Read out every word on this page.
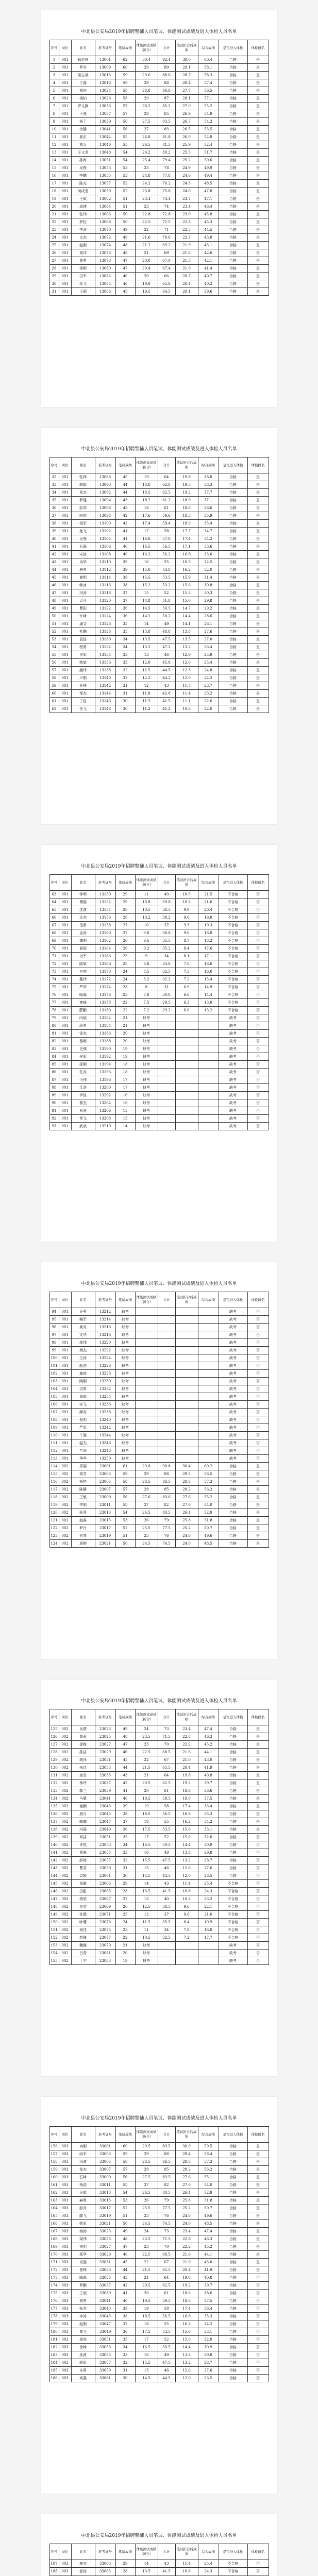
中北县公安局2019年招聘警辅人员笔试、体能测试成绩及进入体检人员名单
序号	岗位	姓名	准考证号	笔试成绩	体能测试成绩（折合）	合计	笔试折合后成绩	综合成绩	是否进入体检	体检排名
1	001	杨志强	13001	62	30.4	92.4	30.0	60.4	合格	是
2	001	罗兵	13009	60	29	89	29.1	58.1	合格	是
3	001	梁志斌	13013	59	29.6	88.6	28.7	58.3	合格	是
4	001	王磊	13016	59	29	88	28.4	57.4	合格	是
5	001	刘庆	13024	58	28.8	86.8	27.7	56.5	合格	是
6	001	杨柏	13026	58	29	87	28.1	57.1	合格	是
7	001	罗文渊	13033	57	28.2	85.2	27.0	55.2	合格	是
8	001	王强	13037	57	28	85	26.9	54.9	合格	是
9	001	杨丁	13039	56	27.5	83.5	26.7	54.2	合格	是
10	001	余静	13041	56	27	83	26.5	53.5	合格	是
11	001	夏东	13044	55	26.8	81.8	26.0	52.8	合格	是
12	001	刘兵	13046	55	26.5	81.5	25.9	52.4	合格	是
13	001	王文龙	13048	54	26.2	80.2	25.5	51.7	合格	是
14	001	孙海	13051	54	25.4	79.4	25.2	50.6	合格	是
15	001	吴俊	13053	53	25	78	24.9	49.9	合格	是
16	001	李鹏	13055	53	24.8	77.8	24.6	49.4	合格	是
17	001	陈光	13057	52	24.2	76.2	24.3	48.5	合格	是
18	001	何成龙	13059	52	23.8	75.8	24.0	47.8	合格	是
19	001	王斌	13062	51	23.4	74.4	23.7	47.1	合格	是
20	001	周建	13064	51	23	74	23.4	46.4	合格	是
21	001	张伟	13066	50	22.8	72.8	23.0	45.8	合格	是
22	001	罗松	13068	50	22.5	72.5	22.8	45.3	合格	是
23	001	李涛	13070	49	22	71	22.5	44.5	合格	是
24	001	文杰	13072	49	21.6	70.6	22.2	43.8	合格	是
25	001	赵刚	13074	48	21.2	69.2	21.9	43.1	合格	是
26	001	刘洋	13076	48	21	69	21.6	42.6	合格	是
27	001	黄勇	13078	47	20.8	67.8	21.3	42.1	合格	是
28	001	杨明	13080	47	20.4	67.4	21.0	41.4	合格	是
29	001	田军	13082	46	20	66	20.7	40.7	合格	是
30	001	蒋飞	13084	46	19.8	65.8	20.4	40.2	合格	是
31	001	王超	13086	45	19.5	64.5	20.1	39.6	合格	是
中北县公安局2019年招聘警辅人员笔试、体能测试成绩及进入体检人员名单
序号	岗位	姓名	准考证号	笔试成绩	体能测试成绩（折合）	合计	笔试折合后成绩	综合成绩	是否进入体检	体检排名
32	001	张林	13088	45	19	64	19.8	38.8	合格	是
33	001	胡斌	13090	44	18.8	62.8	19.5	38.3	合格	是
34	001	邓杰	13092	44	18.5	62.5	19.2	37.7	合格	是
35	001	罗建	13094	43	18.2	61.2	18.9	37.1	合格	是
36	001	彭亮	13096	43	18	61	18.6	36.6	合格	是
37	001	向东	13098	42	17.6	59.6	18.3	35.9	合格	是
38	001	杨军	13100	42	17.4	59.4	18.0	35.4	合格	是
39	001	龙飞	13102	41	17	58	17.7	34.7	合格	是
40	001	吴强	13104	41	16.8	57.8	17.4	34.2	合格	是
41	001	石磊	13106	40	16.5	56.5	17.1	33.6	合格	是
42	001	宋波	13108	40	16.2	56.2	16.8	33.0	合格	是
43	001	冉华	13110	39	16	55	16.5	32.5	合格	是
44	001	唐勇	13112	39	15.8	54.8	16.2	32.0	合格	是
45	001	谢明	13114	38	15.5	53.5	15.9	31.4	合格	是
46	001	韩冰	13116	38	15.2	53.2	15.6	30.8	合格	是
47	001	冯涛	13118	37	15	52	15.3	30.3	合格	是
48	001	孟凡	13120	37	14.8	51.8	15.0	29.8	合格	是
49	001	曹阳	13122	36	14.5	50.5	14.7	29.2	合格	是
50	001	许峰	13124	36	14.2	50.2	14.4	28.6	合格	是
51	001	潘文	13126	35	14	49	14.1	28.1	合格	是
52	001	杜鹏	13128	35	13.8	48.8	13.8	27.6	合格	是
53	001	袁浩	13130	34	13.5	47.5	13.5	27.0	合格	是
54	001	程勇	13132	34	13.2	47.2	13.2	26.4	合格	是
55	001	贺军	13134	33	13	46	12.9	25.9	合格	是
56	001	姚斌	13136	33	12.8	45.8	12.6	25.4	合格	是
57	001	熊伟	13138	32	12.5	44.5	12.3	24.8	合格	是
58	001	卢刚	13140	32	12.2	44.2	12.0	24.2	合格	是
59	001	蔡林	13142	31	12	43	11.7	23.7	合格	是
60	001	邹杰	13144	31	11.8	42.8	11.4	23.2	合格	是
61	001	丁浩	13146	30	11.5	41.5	11.1	22.6	合格	是
62	001	任飞	13148	30	11.2	41.2	10.8	22.0	合格	是
中北县公安局2019年招聘警辅人员笔试、体能测试成绩及进入体检人员名单
序号	岗位	姓名	准考证号	笔试成绩	体能测试成绩（折合）	合计	笔试折合后成绩	综合成绩	是否进入体检	体检排名
63	001	钟明	13150	29	11	40	10.5	21.5	不合格	否
64	001	傅强	13152	29	10.8	39.8	10.2	21.0	不合格	否
65	001	沈波	13154	28	10.5	38.5	9.9	20.4	不合格	否
66	001	汪杰	13156	28	10.2	38.2	9.6	19.8	不合格	否
67	001	范勇	13158	27	10	37	9.3	19.3	不合格	否
68	001	金涛	13160	27	9.8	36.8	9.0	18.8	不合格	否
69	001	魏刚	13162	26	9.5	35.5	8.7	18.2	不合格	否
70	001	夏雨	13164	26	9.2	35.2	8.4	17.6	不合格	否
71	001	付军	13166	25	9	34	8.1	17.1	不合格	否
72	001	陆斌	13168	25	8.8	33.8	7.8	16.6	不合格	否
73	001	方亮	13170	24	8.5	32.5	7.5	16.0	不合格	否
74	001	戴伟	13172	24	8.2	32.2	7.2	15.4	不合格	否
75	001	严华	13174	23	8	31	6.9	14.9	不合格	否
76	001	顾磊	13176	23	7.8	30.8	6.6	14.4	不合格	否
77	001	秦峰	13178	22	7.5	29.5	6.3	13.8	不合格	否
78	001	薛鹏	13180	22	7.2	29.2	6.0	13.2	不合格	否
79	001	闫斌	13182	21	缺考				缺考	否
80	001	段勇	13184	21	缺考				缺考	否
81	001	雷杰	13186	20	缺考				缺考	否
82	001	黎明	13188	20	缺考				缺考	否
83	001	史强	13190	19	缺考				缺考	否
84	001	侯军	13192	19	缺考				缺考	否
85	001	邵刚	13194	18	缺考				缺考	否
86	001	孔亮	13196	18	缺考				缺考	否
87	001	毛伟	13198	17	缺考				缺考	否
88	001	江浩	13200	17	缺考				缺考	否
89	001	尹波	13202	16	缺考				缺考	否
90	001	黎杰	13204	16	缺考				缺考	否
91	001	易涛	13206	15	缺考				缺考	否
92	001	常飞	13208	15	缺考				缺考	否
93	001	武斌	13210	14	缺考				缺考	否
中北县公安局2019年招聘警辅人员笔试、体能测试成绩及进入体检人员名单
序号	岗位	姓名	准考证号	笔试成绩	体能测试成绩（折合）	合计	笔试折合后成绩	综合成绩	是否进入体检	体检排名
94	001	乔勇	13212	缺考					缺考	否
95	001	赖军	13214	缺考					缺考	否
96	001	龚亮	13216	缺考					缺考	否
97	001	文华	13218	缺考					缺考	否
98	001	庞伟	13220	缺考					缺考	否
99	001	樊杰	13222	缺考					缺考	否
100	001	兰涛	13224	缺考					缺考	否
101	001	殷浩	13226	缺考					缺考	否
102	001	施波	13228	缺考					缺考	否
103	001	陶刚	13230	缺考					缺考	否
104	001	洪勇	13232	缺考					缺考	否
105	001	翟斌	13234	缺考					缺考	否
106	001	安飞	13236	缺考					缺考	否
107	001	颜亮	13238	缺考					缺考	否
108	001	倪明	13240	缺考					缺考	否
109	001	严军	13242	缺考					缺考	否
110	001	牛强	13244	缺考					缺考	否
111	001	温杰	13246	缺考					缺考	否
112	001	芦涛	13248	缺考					缺考	否
113	001	季华	13250	缺考					缺考	否
114	002	郑丽	23001	61	29.8	90.8	30.4	60.2	合格	是
115	002	刘芳	23003	59	29	88	29.5	58.5	合格	是
116	002	杨艳	23005	58	28.5	86.5	28.8	57.3	合格	是
117	002	陈静	23007	57	28	85	28.2	56.2	合格	是
118	002	王敏	23009	56	27.6	83.6	27.6	55.2	合格	是
119	002	李娟	23011	55	27	82	27.0	54.0	合格	是
120	002	张燕	23013	54	26.5	80.5	26.4	52.9	合格	是
121	002	赵霞	23015	53	26	79	25.8	51.8	合格	是
122	002	罗丹	23017	52	25.5	77.5	25.2	50.7	合格	是
123	002	何琴	23019	51	25	76	24.6	49.6	合格	是
124	002	周婷	23021	50	24.5	74.5	24.0	48.5	合格	是
中北县公安局2019年招聘警辅人员笔试、体能测试成绩及进入体检人员名单
序号	岗位	姓名	准考证号	笔试成绩	体能测试成绩（折合）	合计	笔试折合后成绩	综合成绩	是否进入体检	体检排名
125	002	吴倩	23023	49	24	73	23.4	47.4	合格	是
126	002	黄莉	23025	48	23.5	71.5	22.8	46.3	合格	是
127	002	徐梅	23027	47	23	70	22.2	45.2	合格	是
128	002	孙洁	23029	46	22.5	68.5	21.6	44.1	合格	是
129	002	胡萍	23031	45	22	67	21.0	43.0	合格	是
130	002	朱红	23033	44	21.5	65.5	20.4	41.9	合格	是
131	002	高雪	23035	43	21	64	19.8	40.8	合格	是
132	002	林玲	23037	42	20.5	62.5	19.2	39.7	合格	是
133	002	郭兰	23039	41	20	61	18.6	38.6	合格	是
134	002	马慧	23041	40	19.5	59.5	18.0	37.5	合格	是
135	002	谢颖	23043	39	19	58	17.4	36.4	合格	是
136	002	唐月	23045	38	18.5	56.5	16.8	35.3	合格	是
137	002	韩露	23047	37	18	55	16.2	34.2	合格	是
138	002	冯瑶	23049	36	17.5	53.5	15.6	33.1	合格	是
139	002	邓洁	23051	35	17	52	15.0	32.0	合格	否
140	002	许悦	23053	34	16.5	50.5	14.4	30.9	合格	否
141	002	曾琳	23055	33	16	49	13.8	29.8	合格	否
142	002	彭婷	23057	32	15.5	47.5	13.2	28.7	合格	否
143	002	曹芬	23059	31	15	46	12.6	27.6	合格	否
144	002	袁媛	23061	30	14.5	44.5	12.0	26.5	合格	否
145	002	邓敏	23063	29	14	43	11.4	25.4	不合格	否
146	002	田甜	23065	28	13.5	41.5	10.8	24.3	不合格	否
147	002	蒋欣	23067	27	13	40	10.2	23.2	不合格	否
148	002	余雯	23069	26	12.5	38.5	9.6	22.1	不合格	否
149	002	杜鹃	23071	25	12	37	9.0	21.0	不合格	否
150	002	叶蓉	23073	24	11.5	35.5	8.4	19.9	不合格	否
151	002	程佳	23075	23	11	34	7.8	18.8	不合格	否
152	002	苏瑾	23077	22	10.5	32.5	7.2	17.7	不合格	否
153	002	魏娜	23079	21	缺考				缺考	否
154	002	吕青	23081	20	缺考				缺考	否
155	002	丁宁	23083	19	缺考				缺考	否
中北县公安局2019年招聘警辅人员笔试、体能测试成绩及进入体检人员名单
序号	岗位	姓名	准考证号	笔试成绩	体能测试成绩（折合）	合计	笔试折合后成绩	综合成绩	是否进入体检	体检排名
156	003	冉刚	33001	60	29.5	89.5	30.0	59.5	合格	是
157	003	向军	33003	59	29	88	29.4	58.4	合格	是
158	003	田波	33005	58	28.5	86.5	28.8	57.3	合格	是
159	003	龙杰	33007	57	28	85	28.2	56.2	合格	是
160	003	石峰	33009	56	27.5	83.5	27.6	55.1	合格	是
161	003	杨浩	33011	55	27	82	27.0	54.0	合格	是
162	003	吴斌	33013	54	26.5	80.5	26.4	52.9	合格	是
163	003	麻勇	33015	53	26	79	25.8	51.8	合格	是
164	003	彭亮	33017	52	25.5	77.5	25.2	50.7	合格	是
165	003	滕飞	33019	51	25	76	24.6	49.6	合格	是
166	003	姚军	33021	50	24.5	74.5	24.0	48.5	合格	是
167	003	秦涛	33023	49	24	73	23.4	47.4	合格	是
168	003	梁伟	33025	48	23.5	71.5	22.8	46.3	合格	是
169	003	宋明	33027	47	23	70	22.2	45.2	合格	是
170	003	郑华	33029	46	22.5	68.5	21.6	44.1	合格	是
171	003	肖强	33031	45	22	67	21.0	43.0	合格	是
172	003	曾林	33033	44	21.5	65.5	20.4	41.9	合格	是
173	003	陈磊	33035	43	21	64	19.8	40.8	合格	否
174	003	罗鹏	33037	42	20.5	62.5	19.2	39.7	合格	否
175	003	王斌	33039	41	20	61	18.6	38.6	合格	否
176	003	刘勇	33041	40	19.5	59.5	18.0	37.5	合格	否
177	003	张杰	33043	39	19	58	17.4	36.4	合格	否
178	003	李涛	33045	38	18.5	56.5	16.8	35.3	合格	否
179	003	赵刚	33047	37	18	55	16.2	34.2	合格	否
180	003	黄飞	33049	36	17.5	53.5	15.6	33.1	合格	否
181	003	周亮	33051	35	17	52	15.0	32.0	合格	否
182	003	徐峰	33053	34	16.5	50.5	14.4	30.9	合格	否
183	003	孙波	33055	33	16	49	13.8	29.8	合格	否
184	003	胡军	33057	32	15.5	47.5	13.2	28.7	合格	否
185	003	朱勇	33059	31	15	46	12.6	27.6	合格	否
186	003	高强	33061	30	14.5	44.5	12.0	26.5	合格	否
中北县公安局2019年招聘警辅人员笔试、体能测试成绩及进入体检人员名单
序号	岗位	姓名	准考证号	笔试成绩	体能测试成绩（折合）	合计	笔试折合后成绩	综合成绩	是否进入体检	体检排名
187	003	林杰	33063	29	14	43	11.4	25.4	不合格	否
188	003	郭涛	33065	28	13.5	41.5	10.8	24.3	不合格	否
